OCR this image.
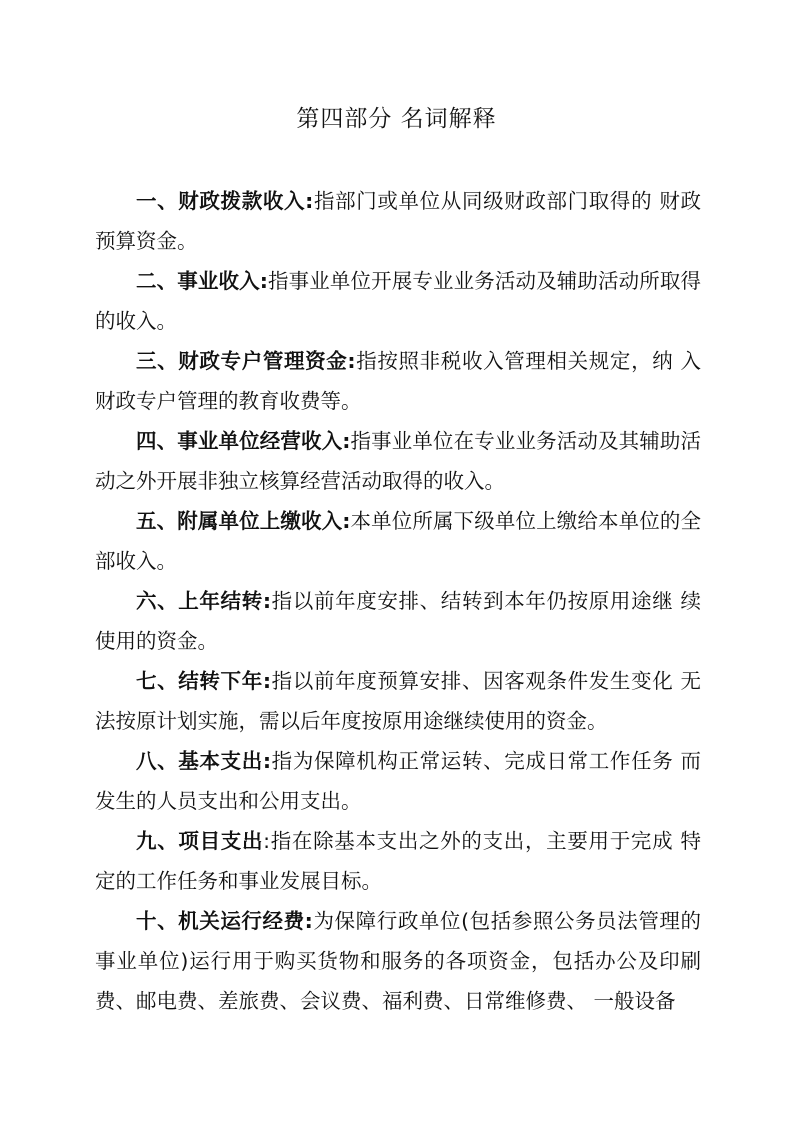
第四部分 名词解释

一、财政拨款收入:指部门或单位从同级财政部门取得的 财政预算资金。

二、事业收入:指事业单位开展专业业务活动及辅助活动所取得的收入。

三、财政专户管理资金:指按照非税收入管理相关规定，纳 入财政专户管理的教育收费等。

四、事业单位经营收入:指事业单位在专业业务活动及其辅助活动之外开展非独立核算经营活动取得的收入。

五、附属单位上缴收入:本单位所属下级单位上缴给本单位的全部收入。

六、上年结转:指以前年度安排、结转到本年仍按原用途继 续使用的资金。

七、结转下年:指以前年度预算安排、因客观条件发生变化 无法按原计划实施，需以后年度按原用途继续使用的资金。

八、基本支出:指为保障机构正常运转、完成日常工作任务 而发生的人员支出和公用支出。

九、项目支出:指在除基本支出之外的支出，主要用于完成 特定的工作任务和事业发展目标。

十、机关运行经费:为保障行政单位(包括参照公务员法管理的事业单位)运行用于购买货物和服务的各项资金，包括办公及印刷费、邮电费、差旅费、会议费、福利费、日常维修费、 一般设备
